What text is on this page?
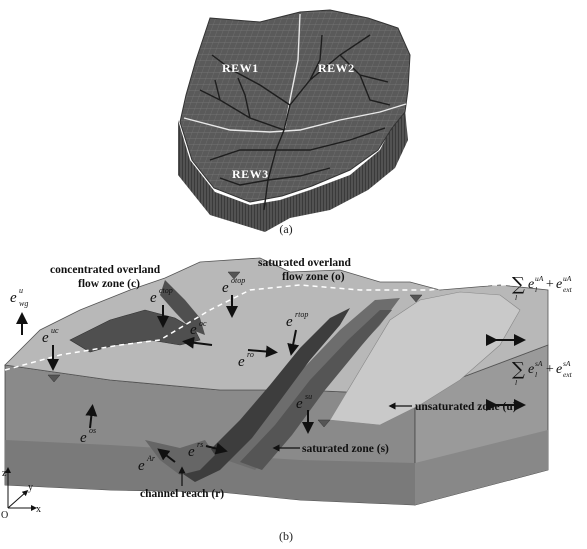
REW1	REW2
REW3
(a)
e u
wg
e uc
e ctop	e otop
e oc	e rtop
e ro
e su
e os
e rs
e Ar
∑
l
e uA
l + e uA
ext
∑
l
e sA
l + e sA
ext
concentrated overland
flow zone (c)
saturated overland
flow zone (o)
unsaturated zone (u)
saturated zone (s)
channel reach (r)
z
y
x
O
(b)
